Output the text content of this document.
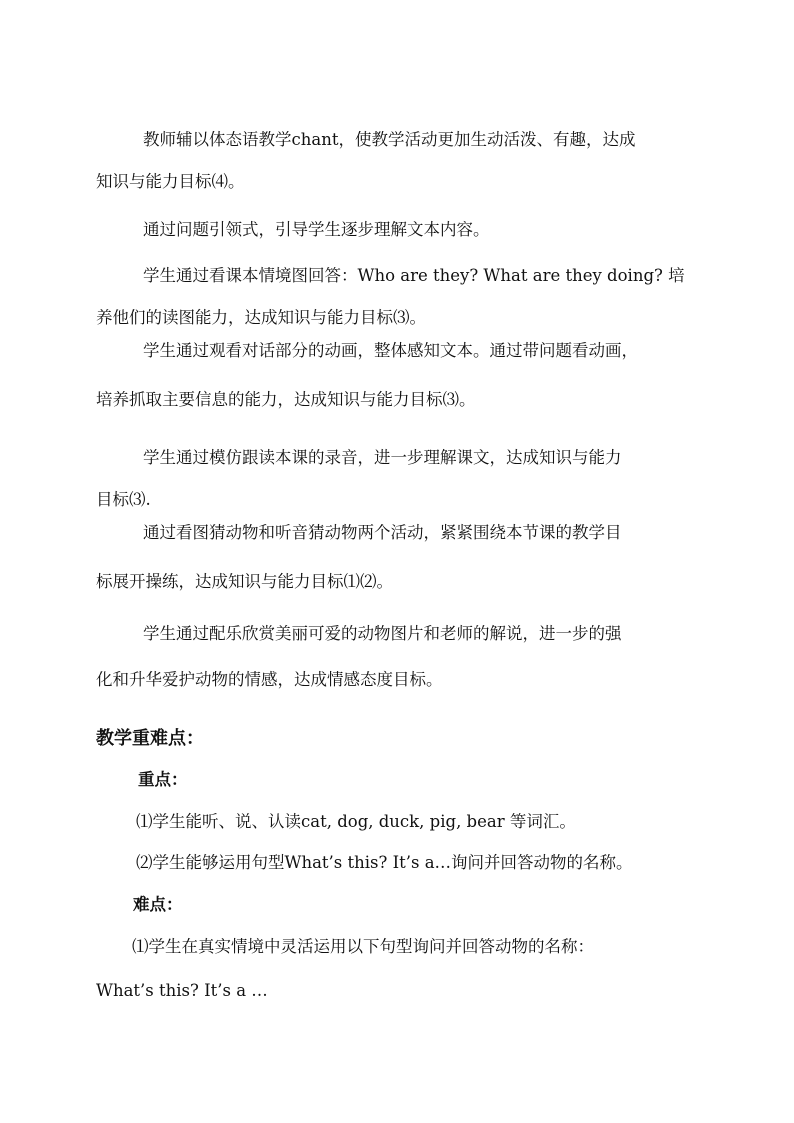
教师辅以体态语教学chant，使教学活动更加生动活泼、有趣，达成
知识与能力目标⑷。
通过问题引领式，引导学生逐步理解文本内容。
学生通过看课本情境图回答：Who are they? What are they doing? 培
养他们的读图能力，达成知识与能力目标⑶。
学生通过观看对话部分的动画，整体感知文本。通过带问题看动画，
培养抓取主要信息的能力，达成知识与能力目标⑶。
学生通过模仿跟读本课的录音，进一步理解课文，达成知识与能力
目标⑶.
通过看图猜动物和听音猜动物两个活动，紧紧围绕本节课的教学目
标展开操练，达成知识与能力目标⑴⑵。
学生通过配乐欣赏美丽可爱的动物图片和老师的解说，进一步的强
化和升华爱护动物的情感，达成情感态度目标。
教学重难点：
重点：
⑴学生能听、说、认读cat, dog, duck, pig, bear 等词汇。
⑵学生能够运用句型What’s this? It’s a…询问并回答动物的名称。
难点：
⑴学生在真实情境中灵活运用以下句型询问并回答动物的名称：
What’s this? It’s a …
